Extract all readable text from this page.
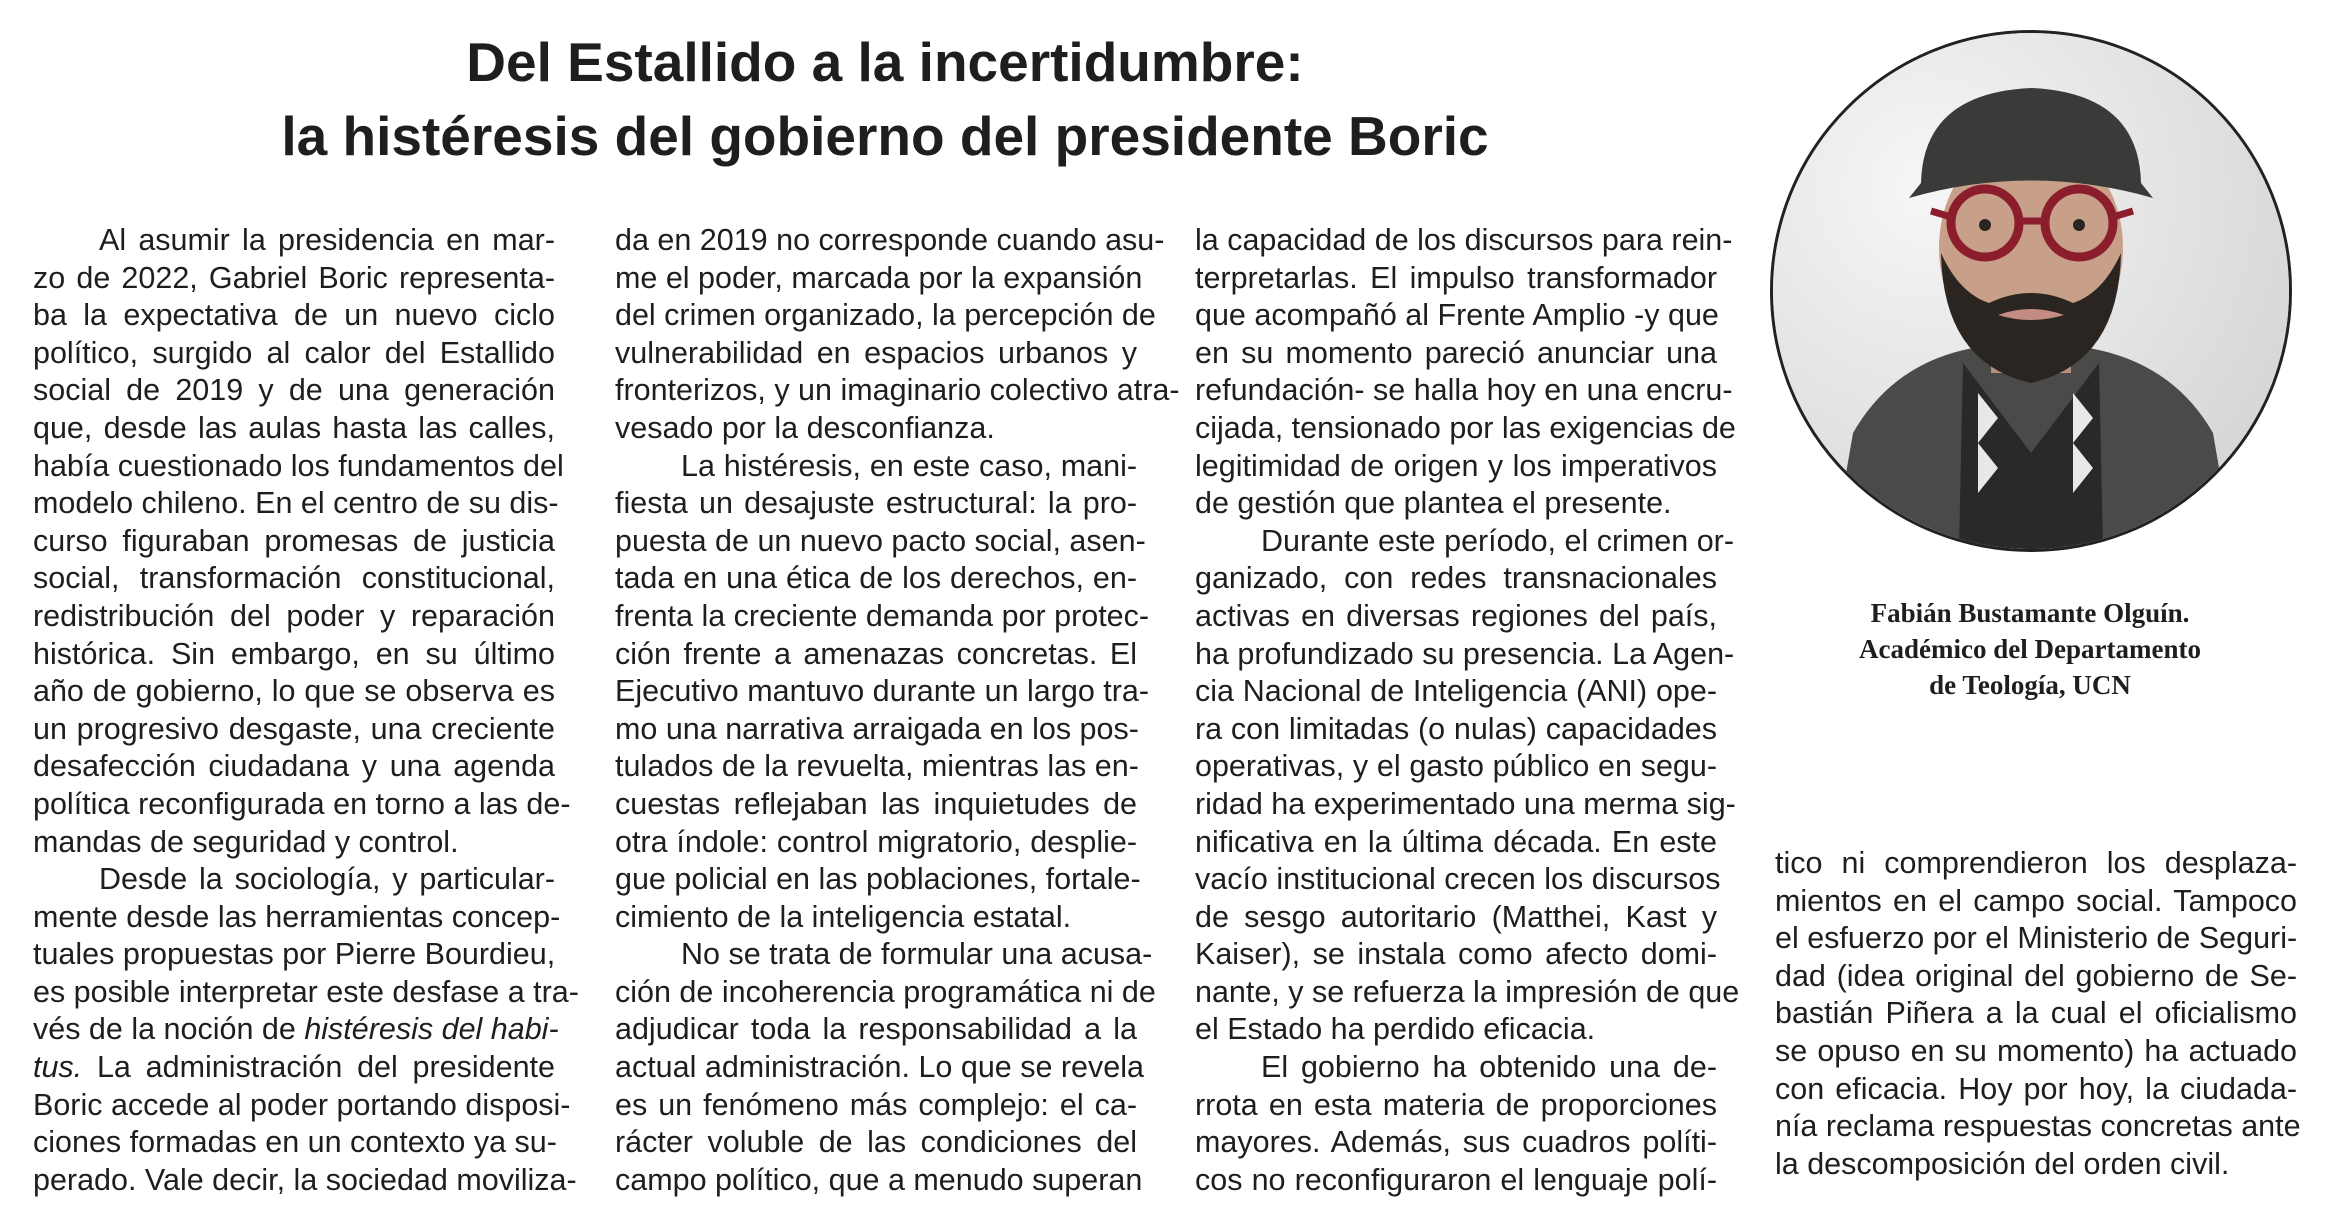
Del Estallido a la incertidumbre:
la histéresis del gobierno del presidente Boric
Al asumir la presidencia en mar-
zo de 2022, Gabriel Boric representa-
ba la expectativa de un nuevo ciclo
político, surgido al calor del Estallido
social de 2019 y de una generación
que, desde las aulas hasta las calles,
había cuestionado los fundamentos del
modelo chileno. En el centro de su dis-
curso figuraban promesas de justicia
social, transformación constitucional,
redistribución del poder y reparación
histórica. Sin embargo, en su último
año de gobierno, lo que se observa es
un progresivo desgaste, una creciente
desafección ciudadana y una agenda
política reconfigurada en torno a las de-
mandas de seguridad y control.
Desde la sociología, y particular-
mente desde las herramientas concep-
tuales propuestas por Pierre Bourdieu,
es posible interpretar este desfase a tra-
vés de la noción de histéresis del habi-
tus. La administración del presidente
Boric accede al poder portando disposi-
ciones formadas en un contexto ya su-
perado. Vale decir, la sociedad moviliza-
da en 2019 no corresponde cuando asu-
me el poder, marcada por la expansión
del crimen organizado, la percepción de
vulnerabilidad en espacios urbanos y
fronterizos, y un imaginario colectivo atra-
vesado por la desconfianza.
La histéresis, en este caso, mani-
fiesta un desajuste estructural: la pro-
puesta de un nuevo pacto social, asen-
tada en una ética de los derechos, en-
frenta la creciente demanda por protec-
ción frente a amenazas concretas. El
Ejecutivo mantuvo durante un largo tra-
mo una narrativa arraigada en los pos-
tulados de la revuelta, mientras las en-
cuestas reflejaban las inquietudes de
otra índole: control migratorio, desplie-
gue policial en las poblaciones, fortale-
cimiento de la inteligencia estatal.
No se trata de formular una acusa-
ción de incoherencia programática ni de
adjudicar toda la responsabilidad a la
actual administración. Lo que se revela
es un fenómeno más complejo: el ca-
rácter voluble de las condiciones del
campo político, que a menudo superan
la capacidad de los discursos para rein-
terpretarlas. El impulso transformador
que acompañó al Frente Amplio -y que
en su momento pareció anunciar una
refundación- se halla hoy en una encru-
cijada, tensionado por las exigencias de
legitimidad de origen y los imperativos
de gestión que plantea el presente.
Durante este período, el crimen or-
ganizado, con redes transnacionales
activas en diversas regiones del país,
ha profundizado su presencia. La Agen-
cia Nacional de Inteligencia (ANI) ope-
ra con limitadas (o nulas) capacidades
operativas, y el gasto público en segu-
ridad ha experimentado una merma sig-
nificativa en la última década. En este
vacío institucional crecen los discursos
de sesgo autoritario (Matthei, Kast y
Kaiser), se instala como afecto domi-
nante, y se refuerza la impresión de que
el Estado ha perdido eficacia.
El gobierno ha obtenido una de-
rrota en esta materia de proporciones
mayores. Además, sus cuadros políti-
cos no reconfiguraron el lenguaje polí-
tico ni comprendieron los desplaza-
mientos en el campo social. Tampoco
el esfuerzo por el Ministerio de Seguri-
dad (idea original del gobierno de Se-
bastián Piñera a la cual el oficialismo
se opuso en su momento) ha actuado
con eficacia. Hoy por hoy, la ciudada-
nía reclama respuestas concretas ante
la descomposición del orden civil.
Fabián Bustamante Olguín.
Académico del Departamento
de Teología, UCN
